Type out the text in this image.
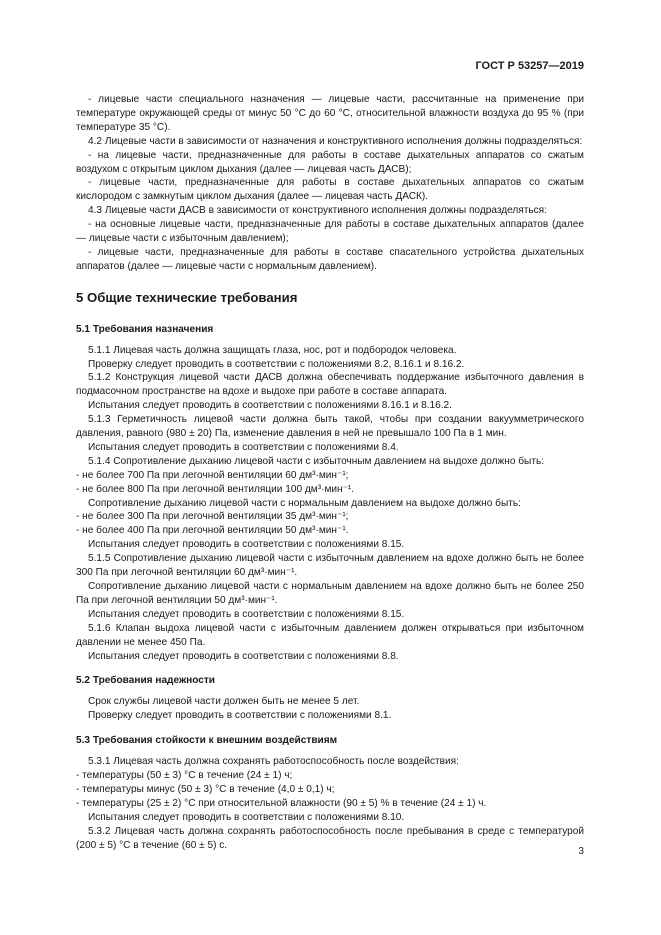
ГОСТ Р 53257—2019

- лицевые части специального назначения — лицевые части, рассчитанные на применение при температуре окружающей среды от минус 50 °С до 60 °С, относительной влажности воздуха до 95 % (при температуре 35 °С).

4.2 Лицевые части в зависимости от назначения и конструктивного исполнения должны подразделяться:

- на лицевые части, предназначенные для работы в составе дыхательных аппаратов со сжатым воздухом с открытым циклом дыхания (далее — лицевая часть ДАСВ);

- лицевые части, предназначенные для работы в составе дыхательных аппаратов со сжатым кислородом с замкнутым циклом дыхания (далее — лицевая часть ДАСК).

4.3 Лицевые части ДАСВ в зависимости от конструктивного исполнения должны подразделяться:

- на основные лицевые части, предназначенные для работы в составе дыхательных аппаратов (далее — лицевые части с избыточным давлением);

- лицевые части, предназначенные для работы в составе спасательного устройства дыхательных аппаратов (далее — лицевые части с нормальным давлением).

5 Общие технические требования

5.1 Требования назначения

5.1.1 Лицевая часть должна защищать глаза, нос, рот и подбородок человека.

Проверку следует проводить в соответствии с положениями 8.2, 8.16.1 и 8.16.2.

5.1.2 Конструкция лицевой части ДАСВ должна обеспечивать поддержание избыточного давления в подмасочном пространстве на вдохе и выдохе при работе в составе аппарата.

Испытания следует проводить в соответствии с положениями 8.16.1 и 8.16.2.

5.1.3 Герметичность лицевой части должна быть такой, чтобы при создании вакуумметрического давления, равного (980 ± 20) Па, изменение давления в ней не превышало 100 Па в 1 мин.

Испытания следует проводить в соответствии с положениями 8.4.

5.1.4 Сопротивление дыханию лицевой части с избыточным давлением на выдохе должно быть:

- не более 700 Па при легочной вентиляции 60 дм³·мин⁻¹;

- не более 800 Па при легочной вентиляции 100 дм³·мин⁻¹.

Сопротивление дыханию лицевой части с нормальным давлением на выдохе должно быть:

- не более 300 Па при легочной вентиляции 35 дм³·мин⁻¹;

- не более 400 Па при легочной вентиляции 50 дм³·мин⁻¹.

Испытания следует проводить в соответствии с положениями 8.15.

5.1.5 Сопротивление дыханию лицевой части с избыточным давлением на вдохе должно быть не более 300 Па при легочной вентиляции 60 дм³·мин⁻¹.

Сопротивление дыханию лицевой части с нормальным давлением на вдохе должно быть не более 250 Па при легочной вентиляции 50 дм³·мин⁻¹.

Испытания следует проводить в соответствии с положениями 8.15.

5.1.6 Клапан выдоха лицевой части с избыточным давлением должен открываться при избыточном давлении не менее 450 Па.

Испытания следует проводить в соответствии с положениями 8.8.

5.2 Требования надежности

Срок службы лицевой части должен быть не менее 5 лет.

Проверку следует проводить в соответствии с положениями 8.1.

5.3 Требования стойкости к внешним воздействиям

5.3.1 Лицевая часть должна сохранять работоспособность после воздействия:

- температуры (50 ± 3) °С в течение (24 ± 1) ч;

- температуры минус (50 ± 3) °С в течение (4,0 ± 0,1) ч;

- температуры (25 ± 2) °С при относительной влажности (90 ± 5) % в течение (24 ± 1) ч.

Испытания следует проводить в соответствии с положениями 8.10.

5.3.2 Лицевая часть должна сохранять работоспособность после пребывания в среде с температурой (200 ± 5) °С в течение (60 ± 5) с.

3
